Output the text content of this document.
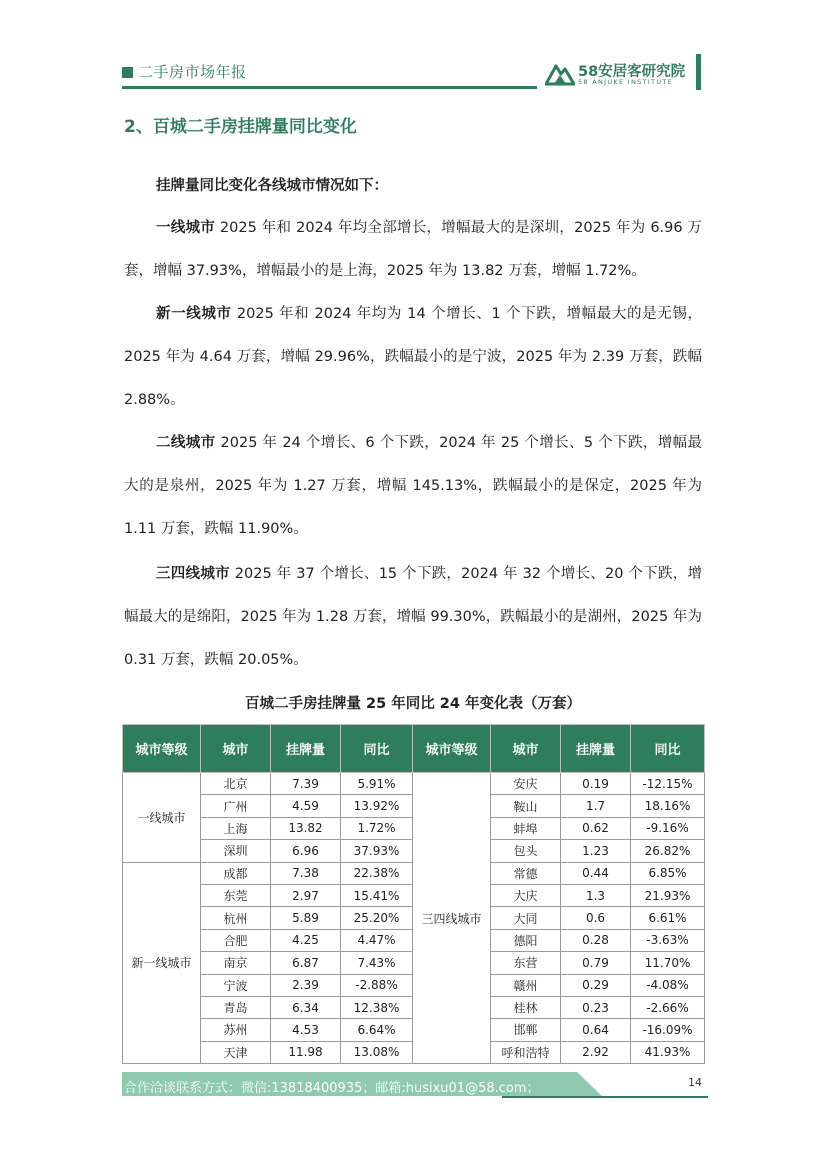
二手房市场年报	58安居客研究院
58 ANJUKE INSTITUTE
2、百城二手房挂牌量同比变化
挂牌量同比变化各线城市情况如下：
一线城市 2025 年和 2024 年均全部增长，增幅最大的是深圳，2025 年为 6.96 万套，增幅 37.93%，增幅最小的是上海，2025 年为 13.82 万套，增幅 1.72%。
新一线城市 2025 年和 2024 年均为 14 个增长、1 个下跌，增幅最大的是无锡，2025 年为 4.64 万套，增幅 29.96%，跌幅最小的是宁波，2025 年为 2.39 万套，跌幅 2.88%。
二线城市 2025 年 24 个增长、6 个下跌，2024 年 25 个增长、5 个下跌，增幅最大的是泉州，2025 年为 1.27 万套，增幅 145.13%，跌幅最小的是保定，2025 年为 1.11 万套，跌幅 11.90%。
三四线城市 2025 年 37 个增长、15 个下跌，2024 年 32 个增长、20 个下跌，增幅最大的是绵阳，2025 年为 1.28 万套，增幅 99.30%，跌幅最小的是湖州，2025 年为 0.31 万套，跌幅 20.05%。
百城二手房挂牌量 25 年同比 24 年变化表（万套）
城市等级	城市	挂牌量	同比	城市等级	城市	挂牌量	同比
一线城市	北京	7.39	5.91%	三四线城市	安庆	0.19	-12.15%
	广州	4.59	13.92%		鞍山	1.7	18.16%
	上海	13.82	1.72%		蚌埠	0.62	-9.16%
	深圳	6.96	37.93%		包头	1.23	26.82%
新一线城市	成都	7.38	22.38%		常德	0.44	6.85%
	东莞	2.97	15.41%		大庆	1.3	21.93%
	杭州	5.89	25.20%		大同	0.6	6.61%
	合肥	4.25	4.47%		德阳	0.28	-3.63%
	南京	6.87	7.43%		东营	0.79	11.70%
	宁波	2.39	-2.88%		赣州	0.29	-4.08%
	青岛	6.34	12.38%		桂林	0.23	-2.66%
	苏州	4.53	6.64%		邯郸	0.64	-16.09%
	天津	11.98	13.08%		呼和浩特	2.92	41.93%
合作洽谈联系方式：微信:13818400935；邮箱:husixu01@58.com；	14
